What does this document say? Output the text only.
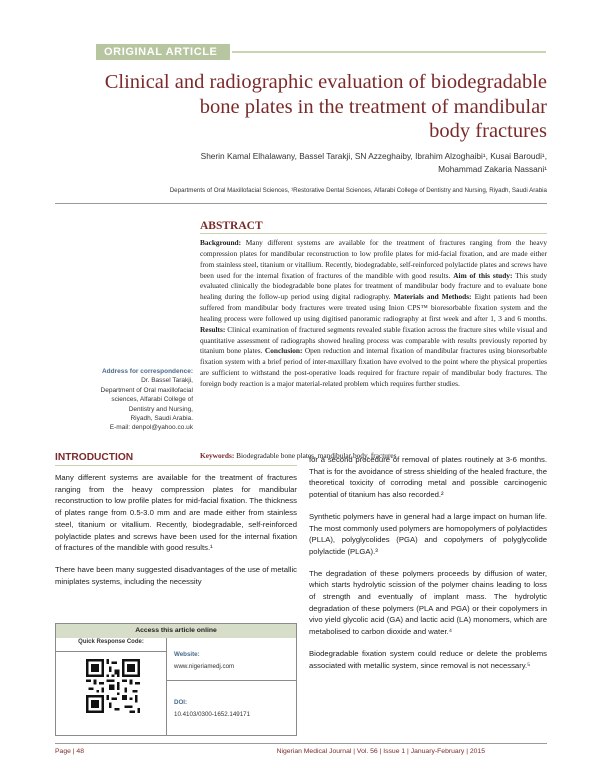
ORIGINAL ARTICLE
Clinical and radiographic evaluation of biodegradable
bone plates in the treatment of mandibular
body fractures
Sherin Kamal Elhalawany, Bassel Tarakji, SN Azzeghaiby, Ibrahim Alzoghaibi¹, Kusai Baroudi¹,
Mohammad Zakaria Nassani¹
Departments of Oral Maxillofacial Sciences, ¹Restorative Dental Sciences, Alfarabi College of Dentistry and Nursing, Riyadh, Saudi Arabia
ABSTRACT
Background: Many different systems are available for the treatment of fractures ranging from the heavy compression plates for mandibular reconstruction to low profile plates for mid-facial fixation, and are made either from stainless steel, titanium or vitallium. Recently, biodegradable, self-reinforced polylactide plates and screws have been used for the internal fixation of fractures of the mandible with good results. Aim of this study: This study evaluated clinically the biodegradable bone plates for treatment of mandibular body fracture and to evaluate bone healing during the follow-up period using digital radiography. Materials and Methods: Eight patients had been suffered from mandibular body fractures were treated using Inion CPS™ bioresorbable fixation system and the healing process were followed up using digitised panoramic radiography at first week and after 1, 3 and 6 months. Results: Clinical examination of fractured segments revealed stable fixation across the fracture sites while visual and quantitative assessment of radiographs showed healing process was comparable with results previously reported by titanium bone plates. Conclusion: Open reduction and internal fixation of mandibular fractures using bioresorbable fixation system with a brief period of inter-maxillary fixation have evolved to the point where the physical properties are sufficient to withstand the post-operative loads required for fracture repair of mandibular body fractures. The foreign body reaction is a major material-related problem which requires further studies.
Keywords: Biodegradable bone plates, mandibular body, fractures
Address for correspondence:
Dr. Bassel Tarakji,
Department of Oral maxillofacial
sciences, Alfarabi College of
Dentistry and Nursing,
Riyadh, Saudi Arabia.
E-mail: denpol@yahoo.co.uk
INTRODUCTION

Many different systems are available for the treatment of fractures ranging from the heavy compression plates for mandibular reconstruction to low profile plates for mid-facial fixation. The thickness of plates range from 0.5-3.0 mm and are made either from stainless steel, titanium or vitallium. Recently, biodegradable, self-reinforced polylactide plates and screws have been used for the internal fixation of fractures of the mandible with good results.¹

There have been many suggested disadvantages of the use of metallic miniplates systems, including the necessity

for a second procedure of removal of plates routinely at 3-6 months. That is for the avoidance of stress shielding of the healed fracture, the theoretical toxicity of corroding metal and possible carcinogenic potential of titanium has also recorded.²

Synthetic polymers have in general had a large impact on human life. The most commonly used polymers are homopolymers of polylactides (PLLA), polyglycolides (PGA) and copolymers of polyglycolide polylactide (PLGA).³

The degradation of these polymers proceeds by diffusion of water, which starts hydrolytic scission of the polymer chains leading to loss of strength and eventually of implant mass. The hydrolytic degradation of these polymers (PLA and PGA) or their copolymers in vivo yield glycolic acid (GA) and lactic acid (LA) monomers, which are metabolised to carbon dioxide and water.⁴

Biodegradable fixation system could reduce or delete the problems associated with metallic system, since removal is not necessary.⁵

Access this article online
Quick Response Code:
Website:
www.nigeriamedj.com
DOI:
10.4103/0300-1652.149171
Page | 48	Nigerian Medical Journal | Vol. 56 | Issue 1 | January-February | 2015
